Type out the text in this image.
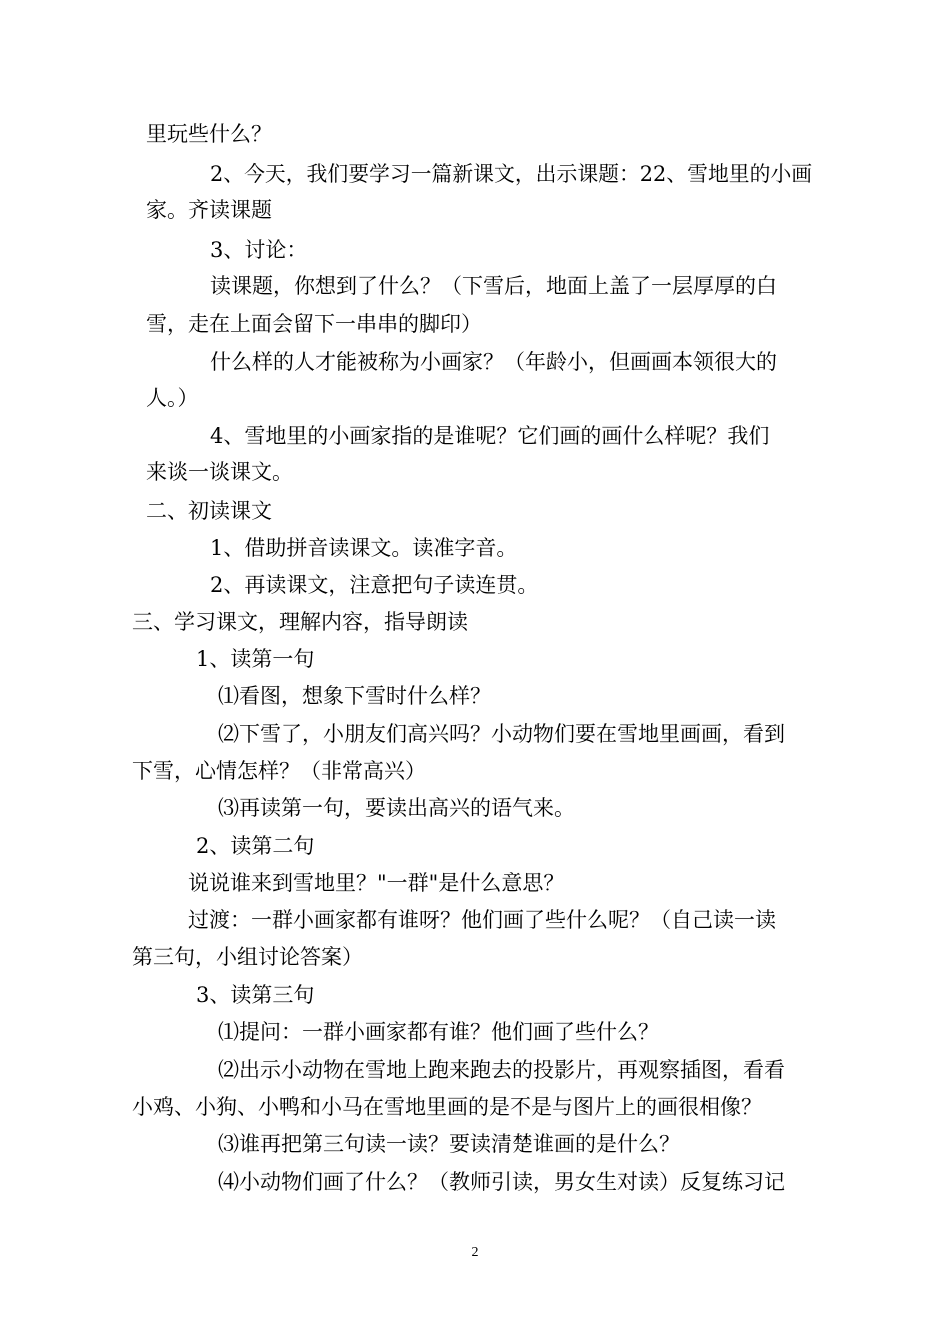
里玩些什么？
2、今天，我们要学习一篇新课文，出示课题：22、雪地里的小画
家。齐读课题
3、讨论：
读课题，你想到了什么？（下雪后，地面上盖了一层厚厚的白
雪，走在上面会留下一串串的脚印）
什么样的人才能被称为小画家？（年龄小，但画画本领很大的
人。）
4、雪地里的小画家指的是谁呢？它们画的画什么样呢？我们
来谈一谈课文。
二、初读课文
1、借助拼音读课文。读准字音。
2、再读课文，注意把句子读连贯。
三、学习课文，理解内容，指导朗读
1、读第一句
⑴看图，想象下雪时什么样？
⑵下雪了，小朋友们高兴吗？小动物们要在雪地里画画，看到
下雪，心情怎样？（非常高兴）
⑶再读第一句，要读出高兴的语气来。
2、读第二句
说说谁来到雪地里？"一群"是什么意思？
过渡：一群小画家都有谁呀？他们画了些什么呢？（自己读一读
第三句，小组讨论答案）
3、读第三句
⑴提问：一群小画家都有谁？他们画了些什么？
⑵出示小动物在雪地上跑来跑去的投影片，再观察插图，看看
小鸡、小狗、小鸭和小马在雪地里画的是不是与图片上的画很相像？
⑶谁再把第三句读一读？要读清楚谁画的是什么？
⑷小动物们画了什么？（教师引读，男女生对读）反复练习记
2
